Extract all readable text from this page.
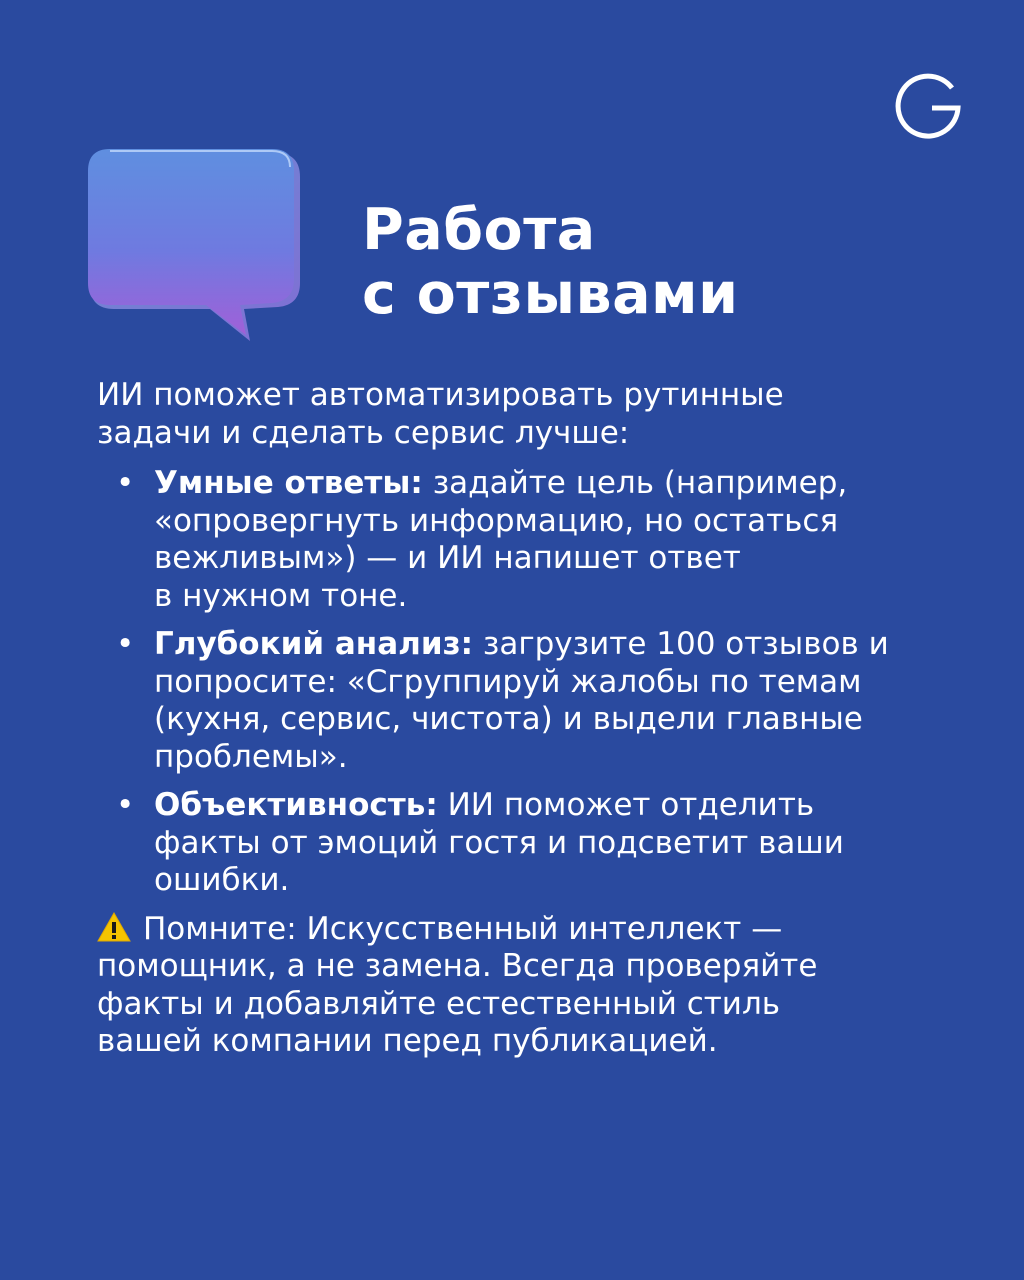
Работа
с отзывами

ИИ поможет автоматизировать рутинные
задачи и сделать сервис лучше:

• Умные ответы: задайте цель (например,
«опровергнуть информацию, но остаться
вежливым») — и ИИ напишет ответ
в нужном тоне.
• Глубокий анализ: загрузите 100 отзывов и
попросите: «Сгруппируй жалобы по темам
(кухня, сервис, чистота) и выдели главные
проблемы».
• Объективность: ИИ поможет отделить
факты от эмоций гостя и подсветит ваши
ошибки.

Помните: Искусственный интеллект —
помощник, а не замена. Всегда проверяйте
факты и добавляйте естественный стиль
вашей компании перед публикацией.
